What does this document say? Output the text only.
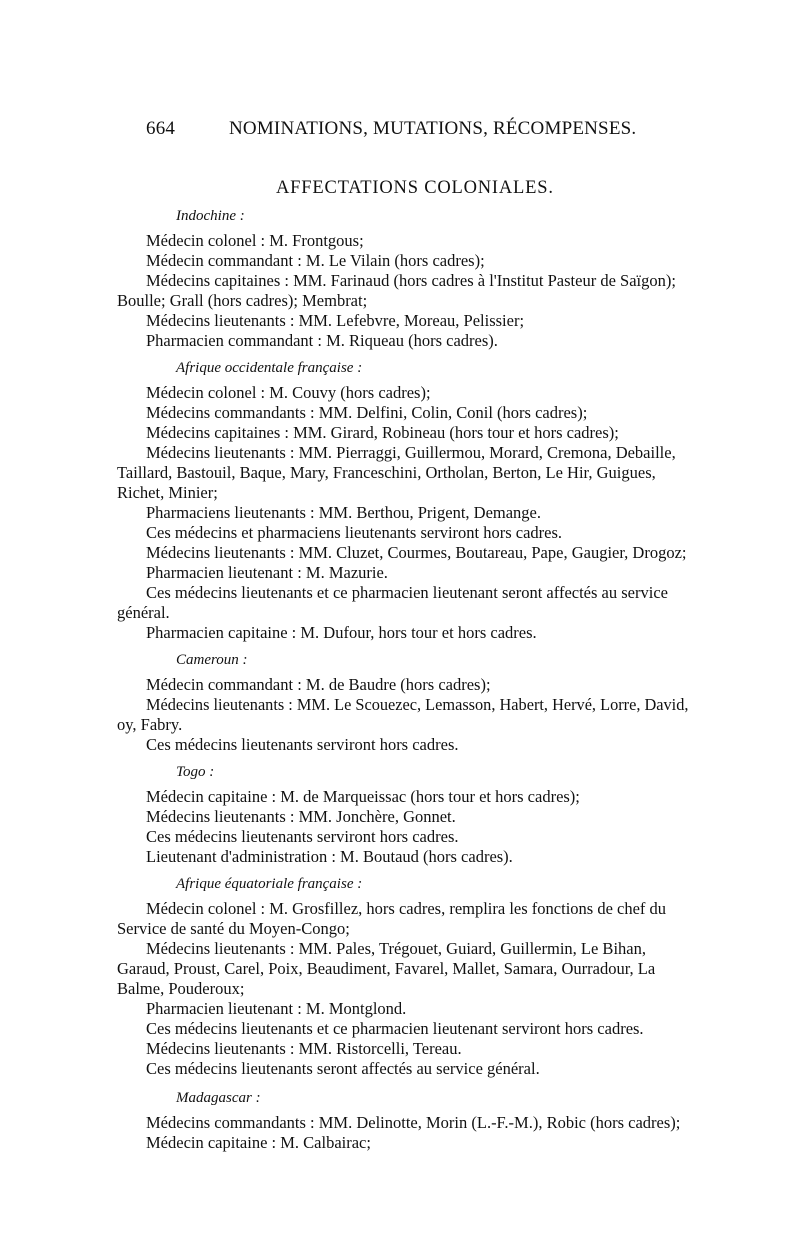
664	NOMINATIONS, MUTATIONS, RÉCOMPENSES.
AFFECTATIONS COLONIALES.
Indochine :
Médecin colonel : M. Frontgous;
Médecin commandant : M. Le Vilain (hors cadres);
Médecins capitaines : MM. Farinaud (hors cadres à l'Institut Pasteur de Saïgon);
Boulle; Grall (hors cadres); Membrat;
Médecins lieutenants : MM. Lefebvre, Moreau, Pelissier;
Pharmacien commandant : M. Riqueau (hors cadres).
Afrique occidentale française :
Médecin colonel : M. Couvy (hors cadres);
Médecins commandants : MM. Delfini, Colin, Conil (hors cadres);
Médecins capitaines : MM. Girard, Robineau (hors tour et hors cadres);
Médecins lieutenants : MM. Pierraggi, Guillermou, Morard, Cremona, Debaille,
Taillard, Bastouil, Baque, Mary, Franceschini, Ortholan, Berton, Le Hir, Guigues,
Richet, Minier;
Pharmaciens lieutenants : MM. Berthou, Prigent, Demange.
Ces médecins et pharmaciens lieutenants serviront hors cadres.
Médecins lieutenants : MM. Cluzet, Courmes, Boutareau, Pape, Gaugier, Drogoz;
Pharmacien lieutenant : M. Mazurie.
Ces médecins lieutenants et ce pharmacien lieutenant seront affectés au service
général.
Pharmacien capitaine : M. Dufour, hors tour et hors cadres.
Cameroun :
Médecin commandant : M. de Baudre (hors cadres);
Médecins lieutenants : MM. Le Scouezec, Lemasson, Habert, Hervé, Lorre, David,
oy, Fabry.
Ces médecins lieutenants serviront hors cadres.
Togo :
Médecin capitaine : M. de Marqueissac (hors tour et hors cadres);
Médecins lieutenants : MM. Jonchère, Gonnet.
Ces médecins lieutenants serviront hors cadres.
Lieutenant d'administration : M. Boutaud (hors cadres).
Afrique équatoriale française :
Médecin colonel : M. Grosfillez, hors cadres, remplira les fonctions de chef du
Service de santé du Moyen-Congo;
Médecins lieutenants : MM. Pales, Trégouet, Guiard, Guillermin, Le Bihan,
Garaud, Proust, Carel, Poix, Beaudiment, Favarel, Mallet, Samara, Ourradour, La
Balme, Pouderoux;
Pharmacien lieutenant : M. Montglond.
Ces médecins lieutenants et ce pharmacien lieutenant serviront hors cadres.
Médecins lieutenants : MM. Ristorcelli, Tereau.
Ces médecins lieutenants seront affectés au service général.
Madagascar :
Médecins commandants : MM. Delinotte, Morin (L.-F.-M.), Robic (hors cadres);
Médecin capitaine : M. Calbairac;
